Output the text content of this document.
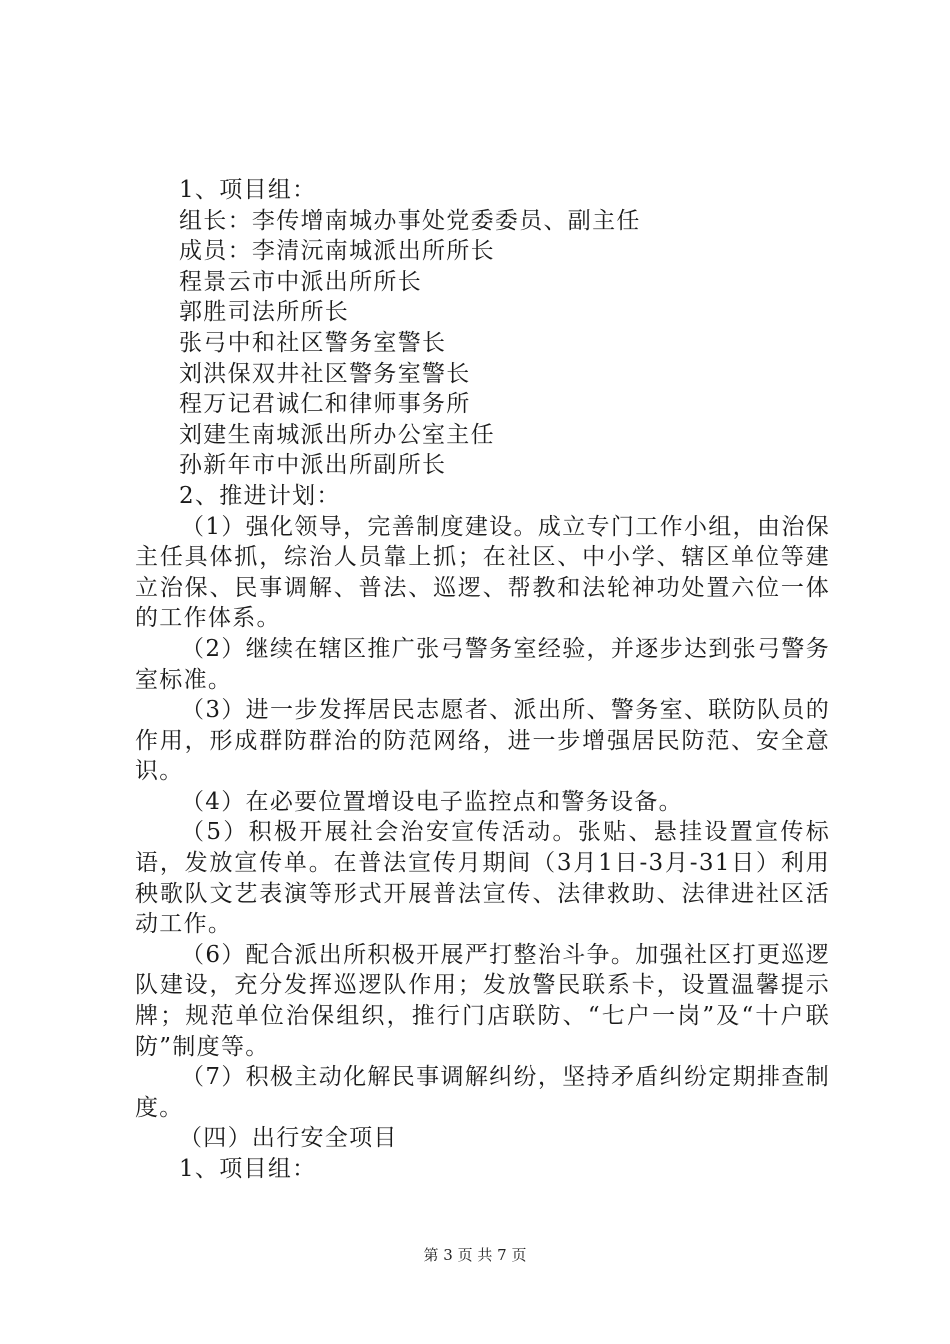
1、项目组：

组长：李传增南城办事处党委委员、副主任

成员：李清沅南城派出所所长

程景云市中派出所所长

郭胜司法所所长

张弓中和社区警务室警长

刘洪保双井社区警务室警长

程万记君诚仁和律师事务所

刘建生南城派出所办公室主任

孙新年市中派出所副所长

2、推进计划：

（1）强化领导，完善制度建设。成立专门工作小组，由治保主任具体抓，综治人员靠上抓；在社区、中小学、辖区单位等建立治保、民事调解、普法、巡逻、帮教和法轮神功处置六位一体的工作体系。

（2）继续在辖区推广张弓警务室经验，并逐步达到张弓警务室标准。

（3）进一步发挥居民志愿者、派出所、警务室、联防队员的作用，形成群防群治的防范网络，进一步增强居民防范、安全意识。

（4）在必要位置增设电子监控点和警务设备。

（5）积极开展社会治安宣传活动。张贴、悬挂设置宣传标语，发放宣传单。在普法宣传月期间（3月1日-3月-31日）利用秧歌队文艺表演等形式开展普法宣传、法律救助、法律进社区活动工作。

（6）配合派出所积极开展严打整治斗争。加强社区打更巡逻队建设，充分发挥巡逻队作用；发放警民联系卡，设置温馨提示牌；规范单位治保组织，推行门店联防、“七户一岗”及“十户联防”制度等。

（7）积极主动化解民事调解纠纷，坚持矛盾纠纷定期排查制度。

（四）出行安全项目

1、项目组：

第 3 页 共 7 页
